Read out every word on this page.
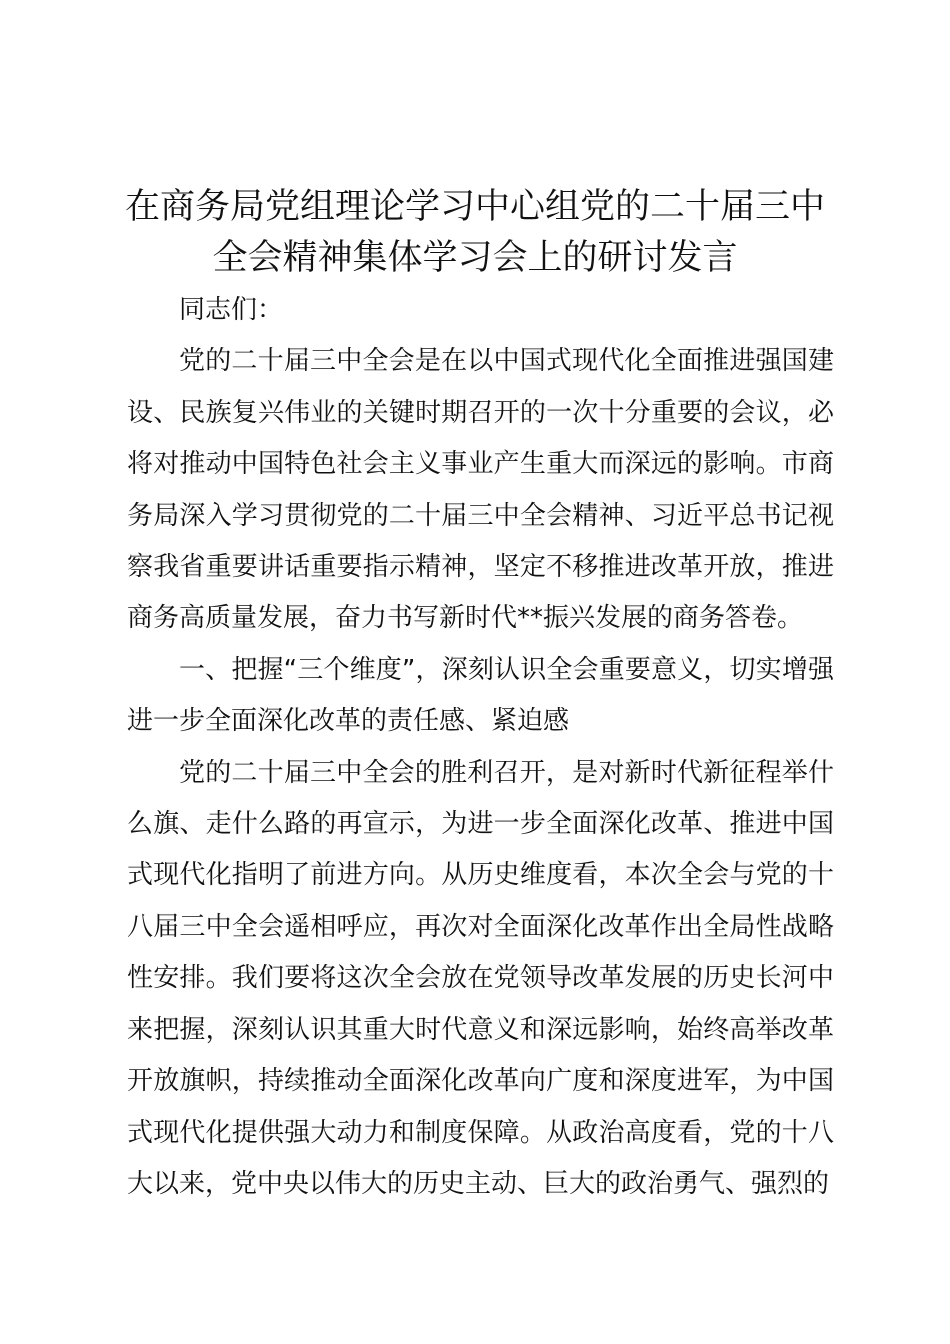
在商务局党组理论学习中心组党的二十届三中
全会精神集体学习会上的研讨发言

同志们：

党的二十届三中全会是在以中国式现代化全面推进强国建设、民族复兴伟业的关键时期召开的一次十分重要的会议，必将对推动中国特色社会主义事业产生重大而深远的影响。市商务局深入学习贯彻党的二十届三中全会精神、习近平总书记视察我省重要讲话重要指示精神，坚定不移推进改革开放，推进商务高质量发展，奋力书写新时代**振兴发展的商务答卷。

一、把握“三个维度”，深刻认识全会重要意义，切实增强进一步全面深化改革的责任感、紧迫感

党的二十届三中全会的胜利召开，是对新时代新征程举什么旗、走什么路的再宣示，为进一步全面深化改革、推进中国式现代化指明了前进方向。从历史维度看，本次全会与党的十八届三中全会遥相呼应，再次对全面深化改革作出全局性战略性安排。我们要将这次全会放在党领导改革发展的历史长河中来把握，深刻认识其重大时代意义和深远影响，始终高举改革开放旗帜，持续推动全面深化改革向广度和深度进军，为中国式现代化提供强大动力和制度保障。从政治高度看，党的十八大以来，党中央以伟大的历史主动、巨大的政治勇气、强烈的
